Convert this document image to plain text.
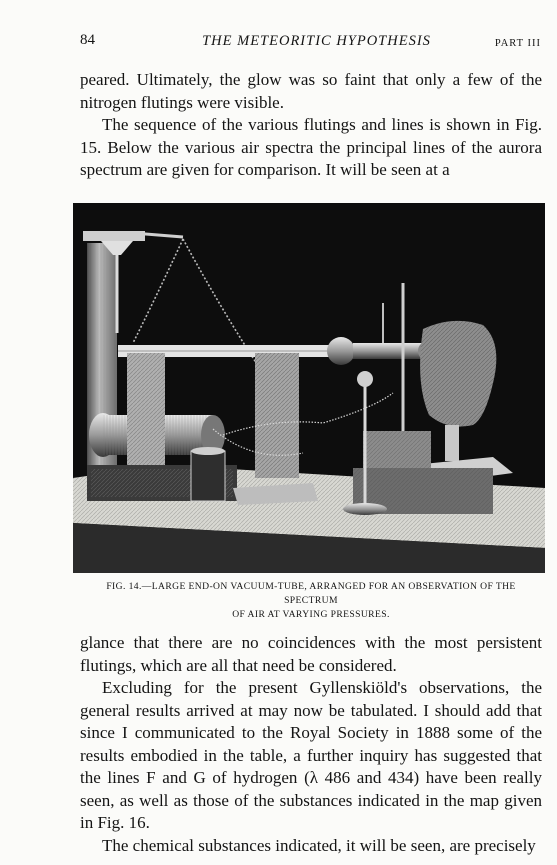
84	THE METEORITIC HYPOTHESIS	PART III

peared. Ultimately, the glow was so faint that only a few of the nitrogen flutings were visible.

The sequence of the various flutings and lines is shown in Fig. 15. Below the various air spectra the principal lines of the aurora spectrum are given for comparison. It will be seen at a

FIG. 14.—LARGE END-ON VACUUM-TUBE, ARRANGED FOR AN OBSERVATION OF THE SPECTRUM
OF AIR AT VARYING PRESSURES.

glance that there are no coincidences with the most persistent flutings, which are all that need be considered.

Excluding for the present Gyllenskiöld's observations, the general results arrived at may now be tabulated. I should add that since I communicated to the Royal Society in 1888 some of the results embodied in the table, a further inquiry has suggested that the lines F and G of hydrogen (λ 486 and 434) have been really seen, as well as those of the substances indicated in the map given in Fig. 16.

The chemical substances indicated, it will be seen, are precisely
